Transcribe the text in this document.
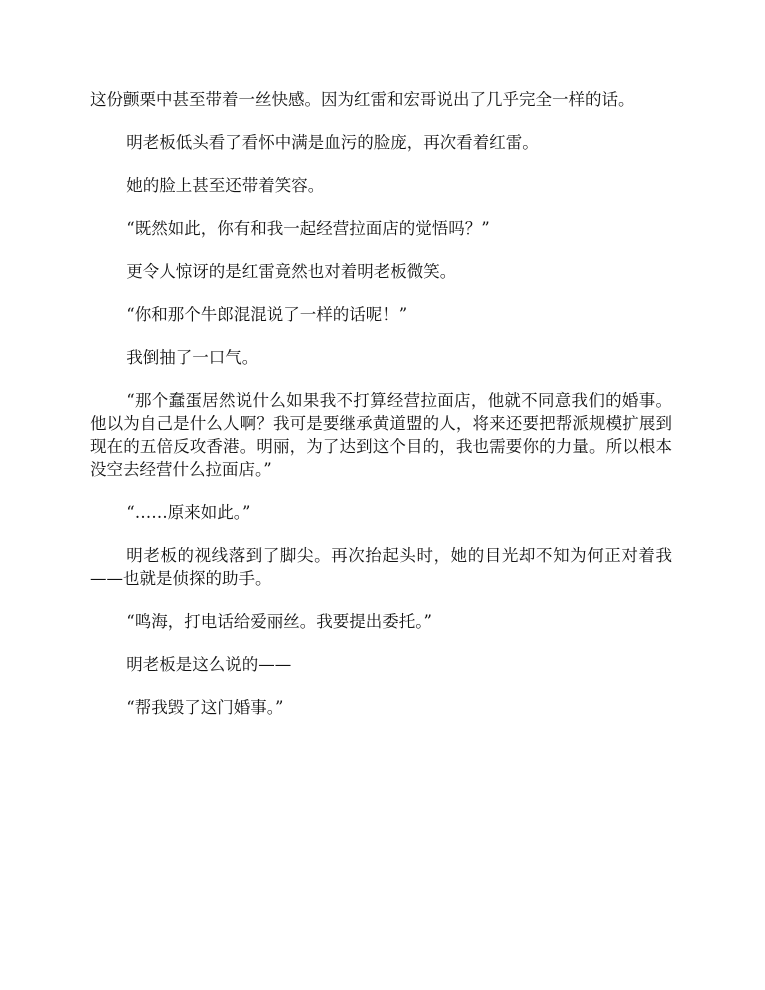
这份颤栗中甚至带着一丝快感。因为红雷和宏哥说出了几乎完全一样的话。

明老板低头看了看怀中满是血污的脸庞，再次看着红雷。

她的脸上甚至还带着笑容。

“既然如此，你有和我一起经营拉面店的觉悟吗？”

更令人惊讶的是红雷竟然也对着明老板微笑。

“你和那个牛郎混混说了一样的话呢！”

我倒抽了一口气。

“那个蠢蛋居然说什么如果我不打算经营拉面店，他就不同意我们的婚事。他以为自己是什么人啊？我可是要继承黄道盟的人，将来还要把帮派规模扩展到现在的五倍反攻香港。明丽，为了达到这个目的，我也需要你的力量。所以根本没空去经营什么拉面店。”

“……原来如此。”

明老板的视线落到了脚尖。再次抬起头时，她的目光却不知为何正对着我——也就是侦探的助手。

“鸣海，打电话给爱丽丝。我要提出委托。”

明老板是这么说的——

“帮我毁了这门婚事。”
